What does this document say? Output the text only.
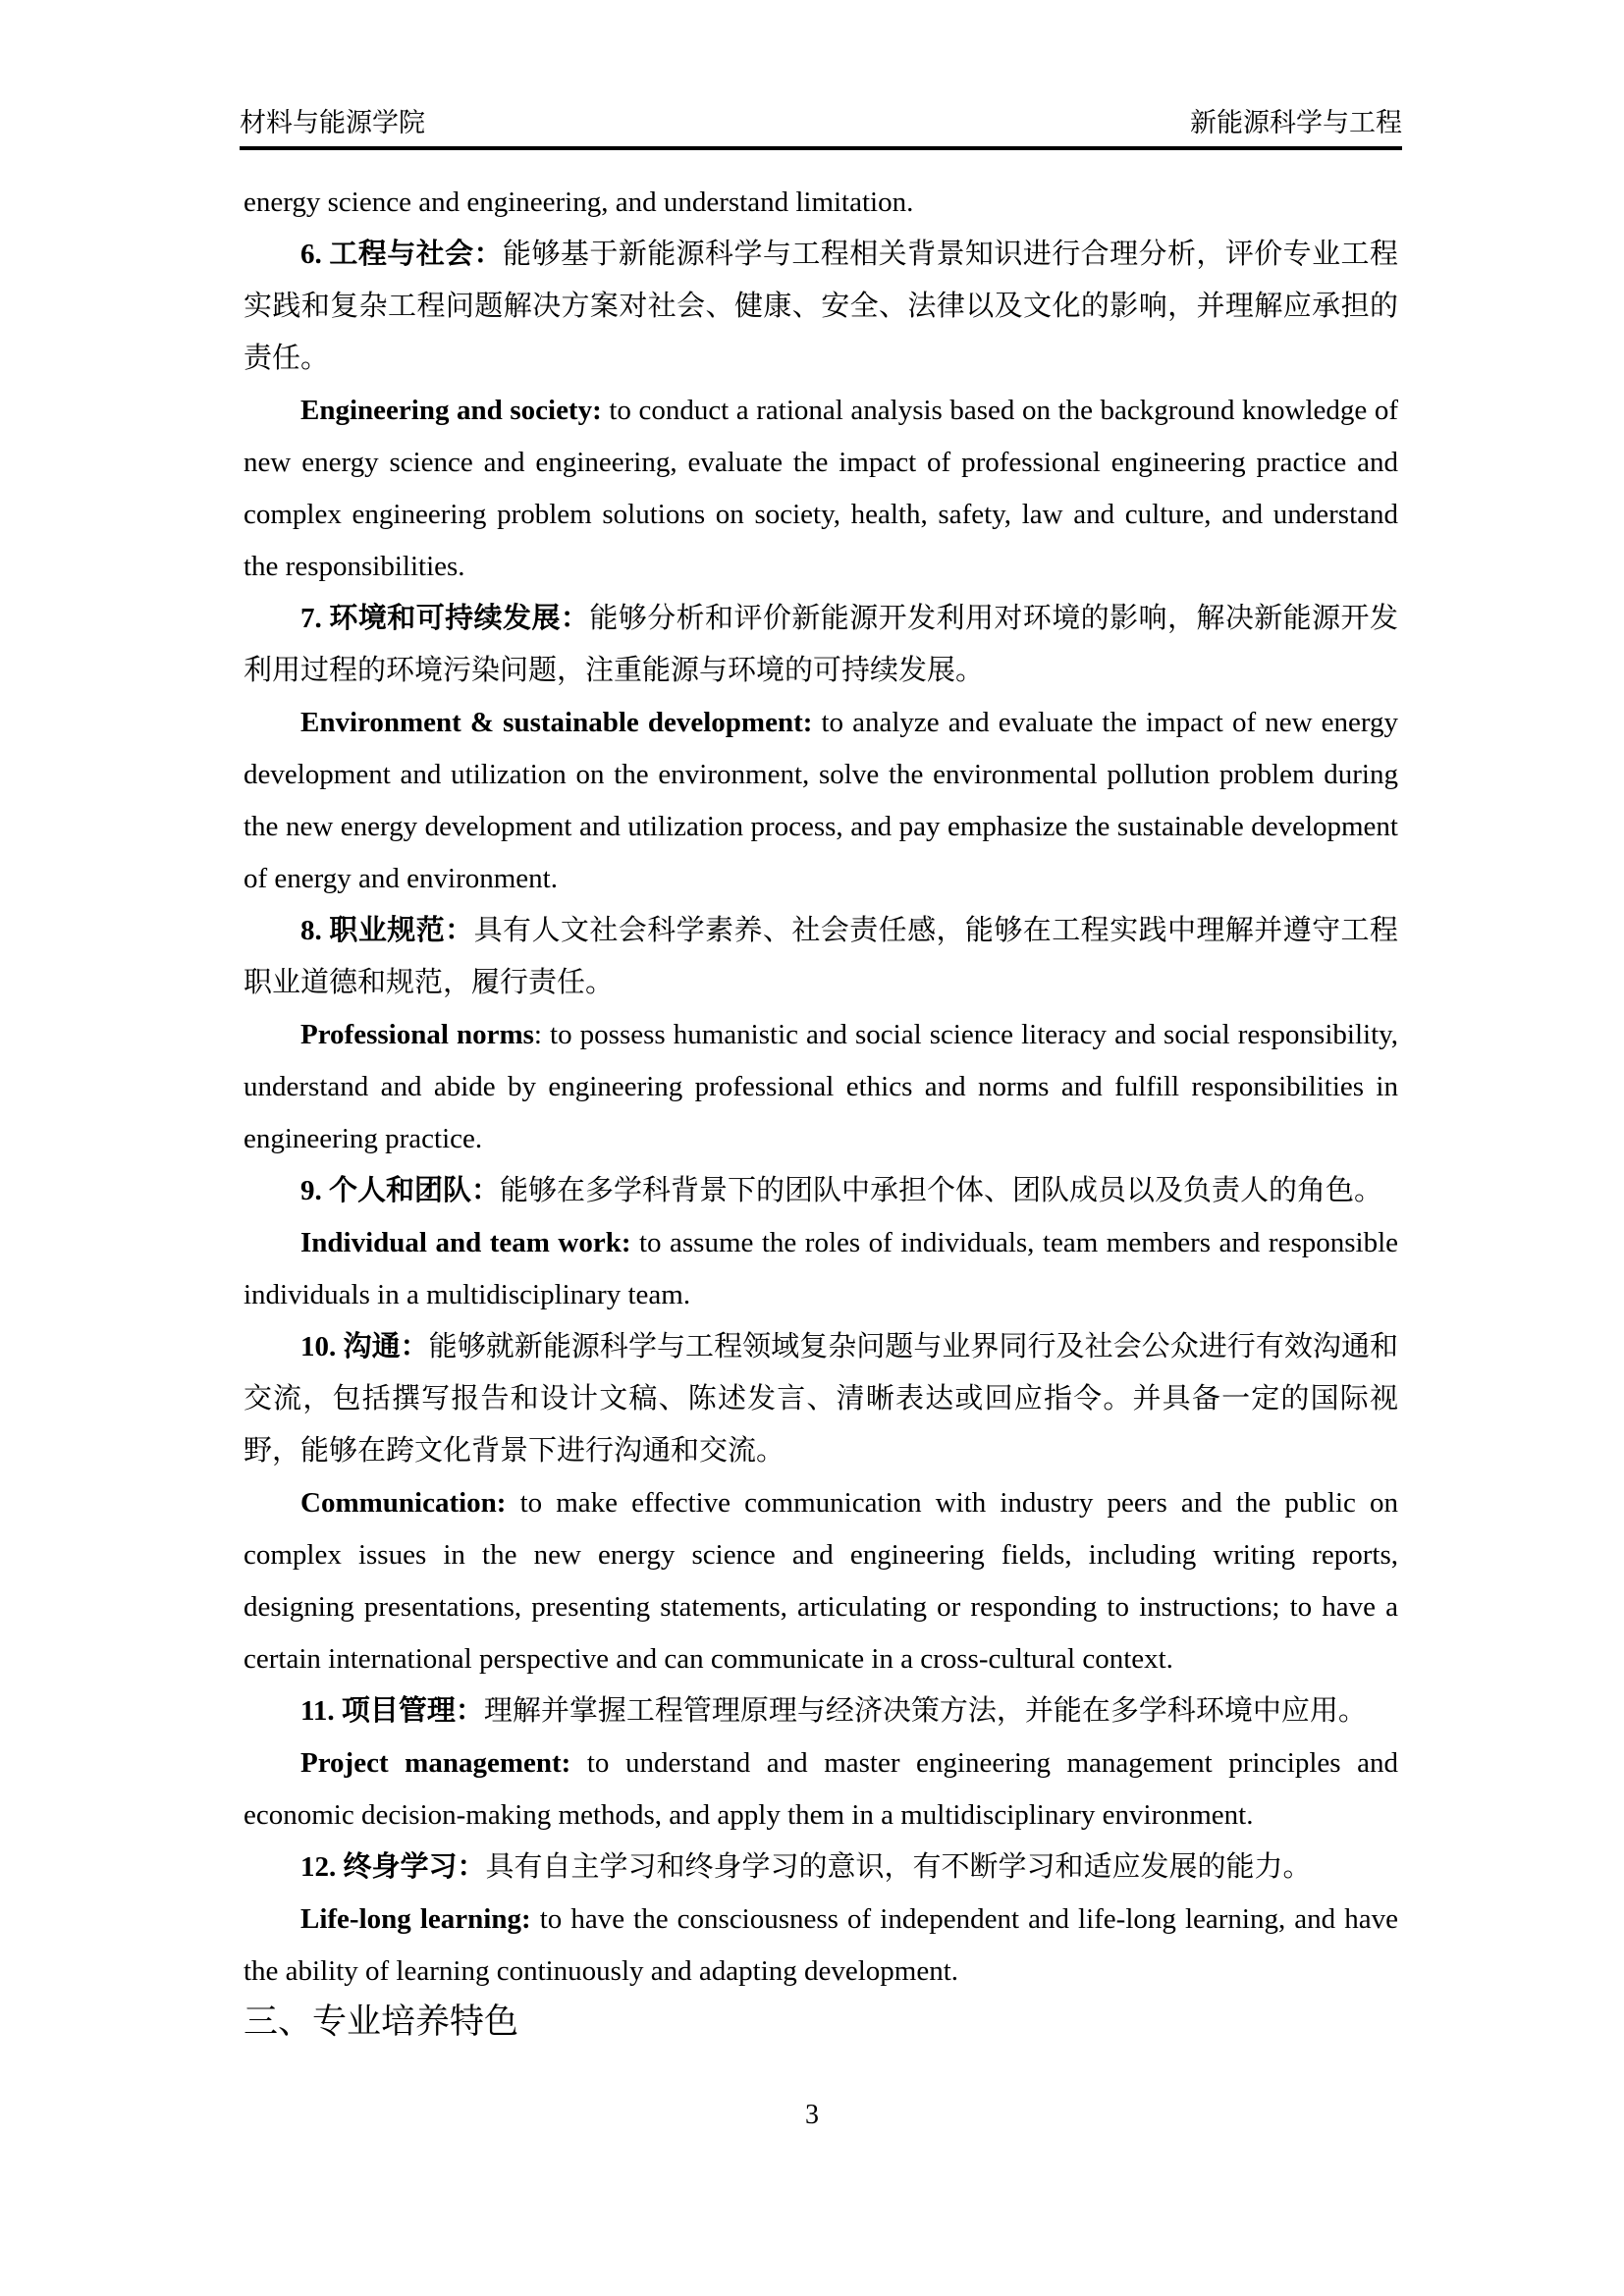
材料与能源学院	新能源科学与工程

energy science and engineering, and understand limitation.

6. 工程与社会：能够基于新能源科学与工程相关背景知识进行合理分析，评价专业工程实践和复杂工程问题解决方案对社会、健康、安全、法律以及文化的影响，并理解应承担的责任。

Engineering and society: to conduct a rational analysis based on the background knowledge of new energy science and engineering, evaluate the impact of professional engineering practice and complex engineering problem solutions on society, health, safety, law and culture, and understand the responsibilities.

7. 环境和可持续发展：能够分析和评价新能源开发利用对环境的影响，解决新能源开发利用过程的环境污染问题，注重能源与环境的可持续发展。

Environment & sustainable development: to analyze and evaluate the impact of new energy development and utilization on the environment, solve the environmental pollution problem during the new energy development and utilization process, and pay emphasize the sustainable development of energy and environment.

8. 职业规范：具有人文社会科学素养、社会责任感，能够在工程实践中理解并遵守工程职业道德和规范，履行责任。

Professional norms: to possess humanistic and social science literacy and social responsibility, understand and abide by engineering professional ethics and norms and fulfill responsibilities in engineering practice.

9. 个人和团队：能够在多学科背景下的团队中承担个体、团队成员以及负责人的角色。

Individual and team work: to assume the roles of individuals, team members and responsible individuals in a multidisciplinary team.

10. 沟通：能够就新能源科学与工程领域复杂问题与业界同行及社会公众进行有效沟通和交流，包括撰写报告和设计文稿、陈述发言、清晰表达或回应指令。并具备一定的国际视野，能够在跨文化背景下进行沟通和交流。

Communication: to make effective communication with industry peers and the public on complex issues in the new energy science and engineering fields, including writing reports, designing presentations, presenting statements, articulating or responding to instructions; to have a certain international perspective and can communicate in a cross-cultural context.

11. 项目管理：理解并掌握工程管理原理与经济决策方法，并能在多学科环境中应用。

Project management: to understand and master engineering management principles and economic decision-making methods, and apply them in a multidisciplinary environment.

12. 终身学习：具有自主学习和终身学习的意识，有不断学习和适应发展的能力。

Life-long learning: to have the consciousness of independent and life-long learning, and have the ability of learning continuously and adapting development.

三、专业培养特色

3
